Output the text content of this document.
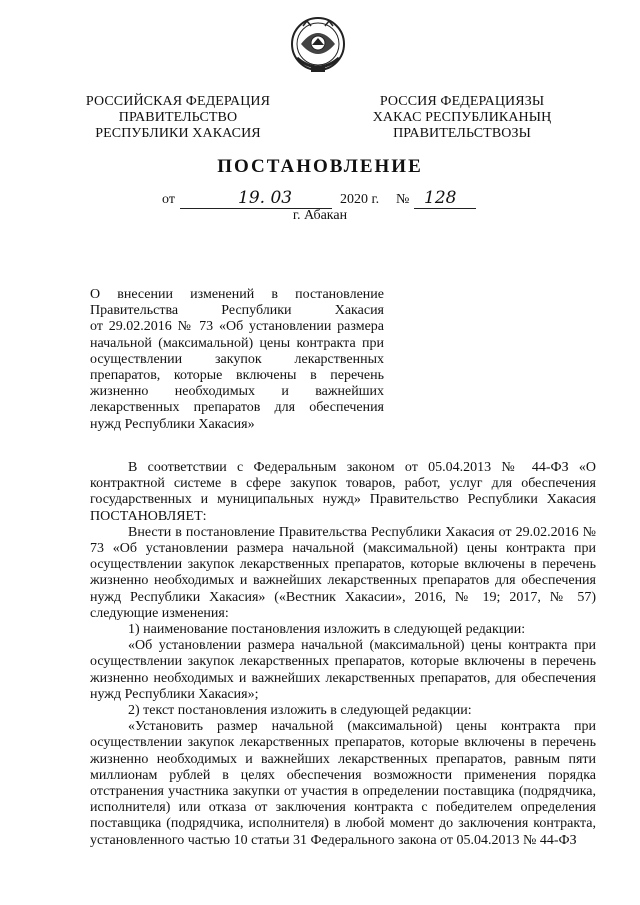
РОССИЙСКАЯ ФЕДЕРАЦИЯ
ПРАВИТЕЛЬСТВО
РЕСПУБЛИКИ ХАКАСИЯ
РОССИЯ ФЕДЕРАЦИЯЗЫ
ХАКАС РЕСПУБЛИКАНЫҢ
ПРАВИТЕЛЬСТВОЗЫ
ПОСТАНОВЛЕНИЕ
от	19. 03	2020 г. № 128
г. Абакан
О внесении изменений в постановление
Правительства Республики Хакасия
от 29.02.2016 № 73 «Об установлении размера
начальной (максимальной) цены контракта при
осуществлении закупок лекарственных
препаратов, которые включены в перечень
жизненно необходимых и важнейших
лекарственных препаратов для обеспечения
нужд Республики Хакасия»

В соответствии с Федеральным законом от 05.04.2013 № 44-ФЗ «О контрактной системе в сфере закупок товаров, работ, услуг для обеспечения государственных и муниципальных нужд» Правительство Республики Хакасия ПОСТАНОВЛЯЕТ:

Внести в постановление Правительства Республики Хакасия от 29.02.2016 № 73 «Об установлении размера начальной (максимальной) цены контракта при осуществлении закупок лекарственных препаратов, которые включены в перечень жизненно необходимых и важнейших лекарственных препаратов для обеспечения нужд Республики Хакасия» («Вестник Хакасии», 2016, № 19; 2017, № 57) следующие изменения:

1) наименование постановления изложить в следующей редакции:

«Об установлении размера начальной (максимальной) цены контракта при осуществлении закупок лекарственных препаратов, которые включены в перечень жизненно необходимых и важнейших лекарственных препаратов, для обеспечения нужд Республики Хакасия»;

2) текст постановления изложить в следующей редакции:

«Установить размер начальной (максимальной) цены контракта при осуществлении закупок лекарственных препаратов, которые включены в перечень жизненно необходимых и важнейших лекарственных препаратов, равным пяти миллионам рублей в целях обеспечения возможности применения порядка отстранения участника закупки от участия в определении поставщика (подрядчика, исполнителя) или отказа от заключения контракта с победителем определения поставщика (подрядчика, исполнителя) в любой момент до заключения контракта, установленного частью 10 статьи 31 Федерального закона от 05.04.2013 № 44-ФЗ
